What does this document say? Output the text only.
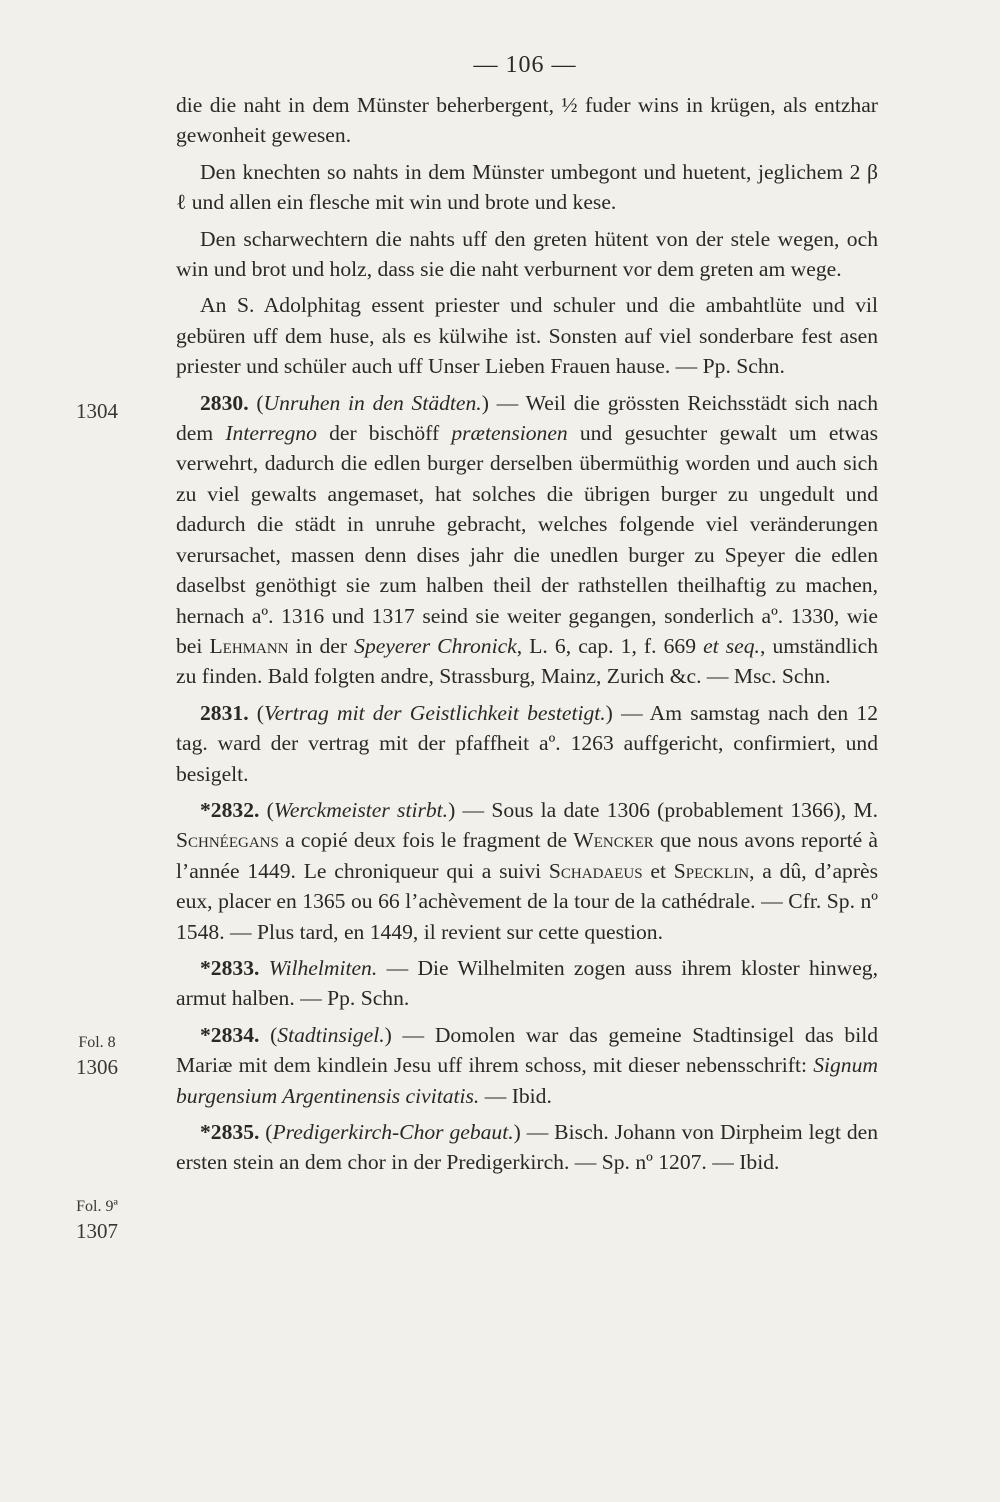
— 106 —
1304
Fol. 8
1306
Fol. 9ª
1307

die die naht in dem Münster beherbergent, ½ fuder wins in krügen, als entzhar gewonheit gewesen.

Den knechten so nahts in dem Münster umbegont und huetent, jeglichem 2 β ℓ und allen ein flesche mit win und brote und kese.

Den scharwechtern die nahts uff den greten hütent von der stele wegen, och win und brot und holz, dass sie die naht verburnent vor dem greten am wege.

An S. Adolphitag essent priester und schuler und die ambahtlüte und vil gebüren uff dem huse, als es külwihe ist. Sonsten auf viel sonderbare fest asen priester und schüler auch uff Unser Lieben Frauen hause. — Pp. Schn.

2830. (Unruhen in den Städten.) — Weil die grössten Reichsstädt sich nach dem Interregno der bischöff prætensionen und gesuchter gewalt um etwas verwehrt, dadurch die edlen burger derselben übermüthig worden und auch sich zu viel gewalts angemaset, hat solches die übrigen burger zu ungedult und dadurch die städt in unruhe gebracht, welches folgende viel veränderungen verursachet, massen denn dises jahr die unedlen burger zu Speyer die edlen daselbst genöthigt sie zum halben theil der rathstellen theilhaftig zu machen, hernach aº. 1316 und 1317 seind sie weiter gegangen, sonderlich aº. 1330, wie bei Lehmann in der Speyerer Chronick, L. 6, cap. 1, f. 669 et seq., umständlich zu finden. Bald folgten andre, Strassburg, Mainz, Zurich &c. — Msc. Schn.

2831. (Vertrag mit der Geistlichkeit bestetigt.) — Am samstag nach den 12 tag. ward der vertrag mit der pfaffheit aº. 1263 auffgericht, confirmiert, und besigelt.

*2832. (Werckmeister stirbt.) — Sous la date 1306 (probablement 1366), M. Schnéegans a copié deux fois le fragment de Wencker que nous avons reporté à l’année 1449. Le chroniqueur qui a suivi Schadaeus et Specklin, a dû, d’après eux, placer en 1365 ou 66 l’achèvement de la tour de la cathédrale. — Cfr. Sp. nº 1548. — Plus tard, en 1449, il revient sur cette question.

*2833. Wilhelmiten. — Die Wilhelmiten zogen auss ihrem kloster hinweg, armut halben. — Pp. Schn.

*2834. (Stadtinsigel.) — Domolen war das gemeine Stadtinsigel das bild Mariæ mit dem kindlein Jesu uff ihrem schoss, mit dieser nebensschrift: Signum burgensium Argentinensis civitatis. — Ibid.

*2835. (Predigerkirch-Chor gebaut.) — Bisch. Johann von Dirpheim legt den ersten stein an dem chor in der Predigerkirch. — Sp. nº 1207. — Ibid.
